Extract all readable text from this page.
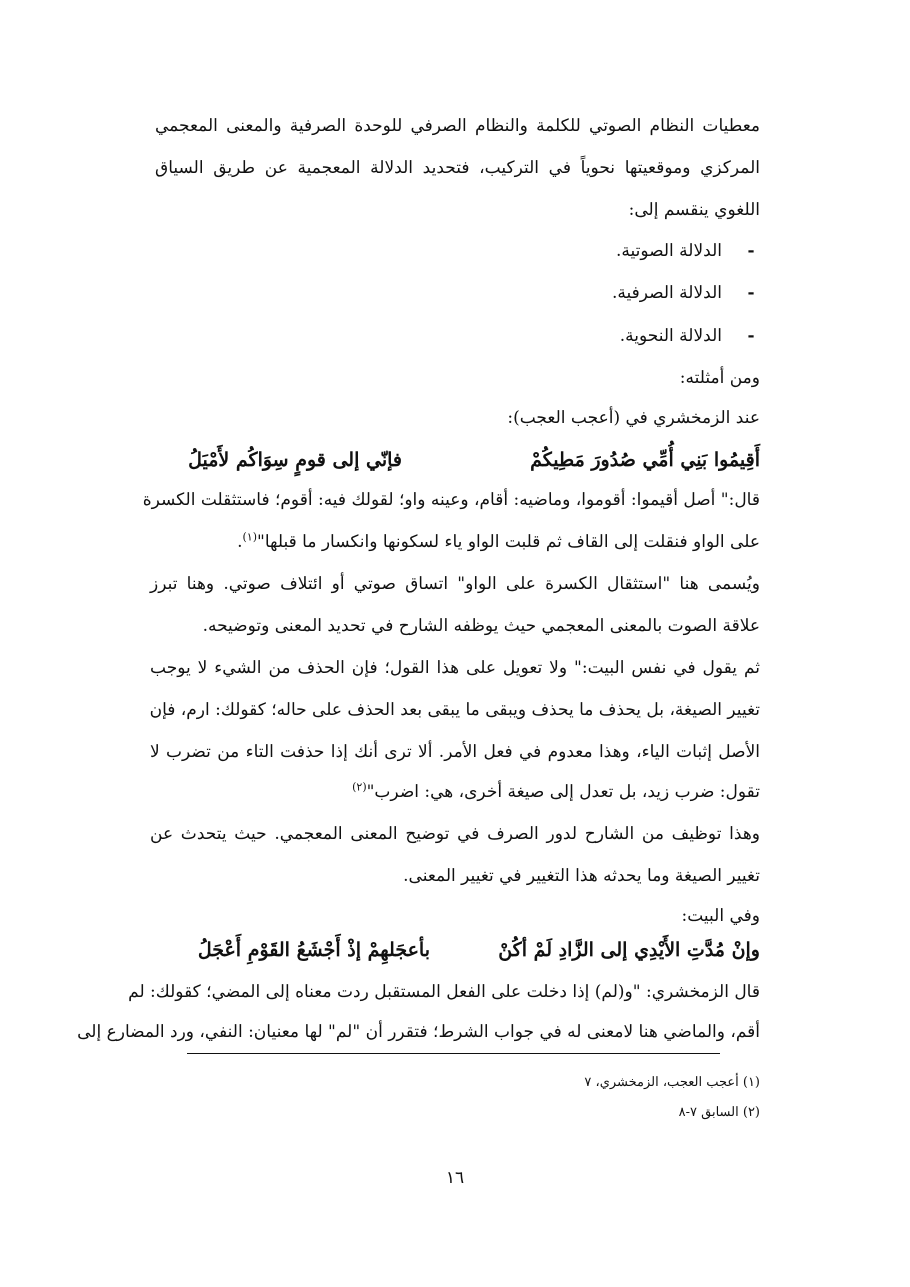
معطيات النظام الصوتي للكلمة والنظام الصرفي للوحدة الصرفية والمعنى المعجمي
المركزي وموقعيتها نحوياً في التركيب، فتحديد الدلالة المعجمية عن طريق السياق
اللغوي ينقسم إلى:
-
الدلالة الصوتية.
-
الدلالة الصرفية.
-
الدلالة النحوية.
ومن أمثلته:
عند الزمخشري في (أعجب العجب):
أَقِيمُوا بَنِي أُمِّي صُدُورَ مَطِيكُمْ
فإنّي إلى قومٍ سِوَاكُم لأَمْيَلُ
قال:" أصل أقيموا: أقوموا، وماضيه: أقام، وعينه واو؛ لقولك فيه: أقوم؛ فاستثقلت الكسرة
على الواو فنقلت إلى القاف ثم قلبت الواو ياء لسكونها وانكسار ما قبلها"$^{(١)}$.
ويُسمى هنا "استثقال الكسرة على الواو" اتساق صوتي أو ائتلاف صوتي. وهنا تبرز
علاقة الصوت بالمعنى المعجمي حيث يوظفه الشارح في تحديد المعنى وتوضيحه.
ثم يقول في نفس البيت:" ولا تعويل على هذا القول؛ فإن الحذف من الشيء لا يوجب
تغيير الصيغة، بل يحذف ما يحذف ويبقى ما يبقى بعد الحذف على حاله؛ كقولك: ارم، فإن
الأصل إثبات الياء، وهذا معدوم في فعل الأمر. ألا ترى أنك إذا حذفت التاء من تضرب لا
تقول: ضرب زيد، بل تعدل إلى صيغة أخرى، هي: اضرب"$^{(٢)}$
وهذا توظيف من الشارح لدور الصرف في توضيح المعنى المعجمي. حيث يتحدث عن
تغيير الصيغة وما يحدثه هذا التغيير في تغيير المعنى.
وفي البيت:
وإنْ مُدَّتِ الأَيْدِي إلى الزَّادِ لَمْ أكُنْ
بأعجَلهِمْ إذْ أَجْشَعُ القَوْمِ أَعْجَلُ
قال الزمخشري: "و(لم) إذا دخلت على الفعل المستقبل ردت معناه إلى المضي؛ كقولك: لم
أقم، والماضي هنا لامعنى له في جواب الشرط؛ فتقرر أن "لم" لها معنيان: النفي، ورد المضارع إلى
(١) أعجب العجب، الزمخشري، ٧
(٢) السابق ٧-٨
١٦
